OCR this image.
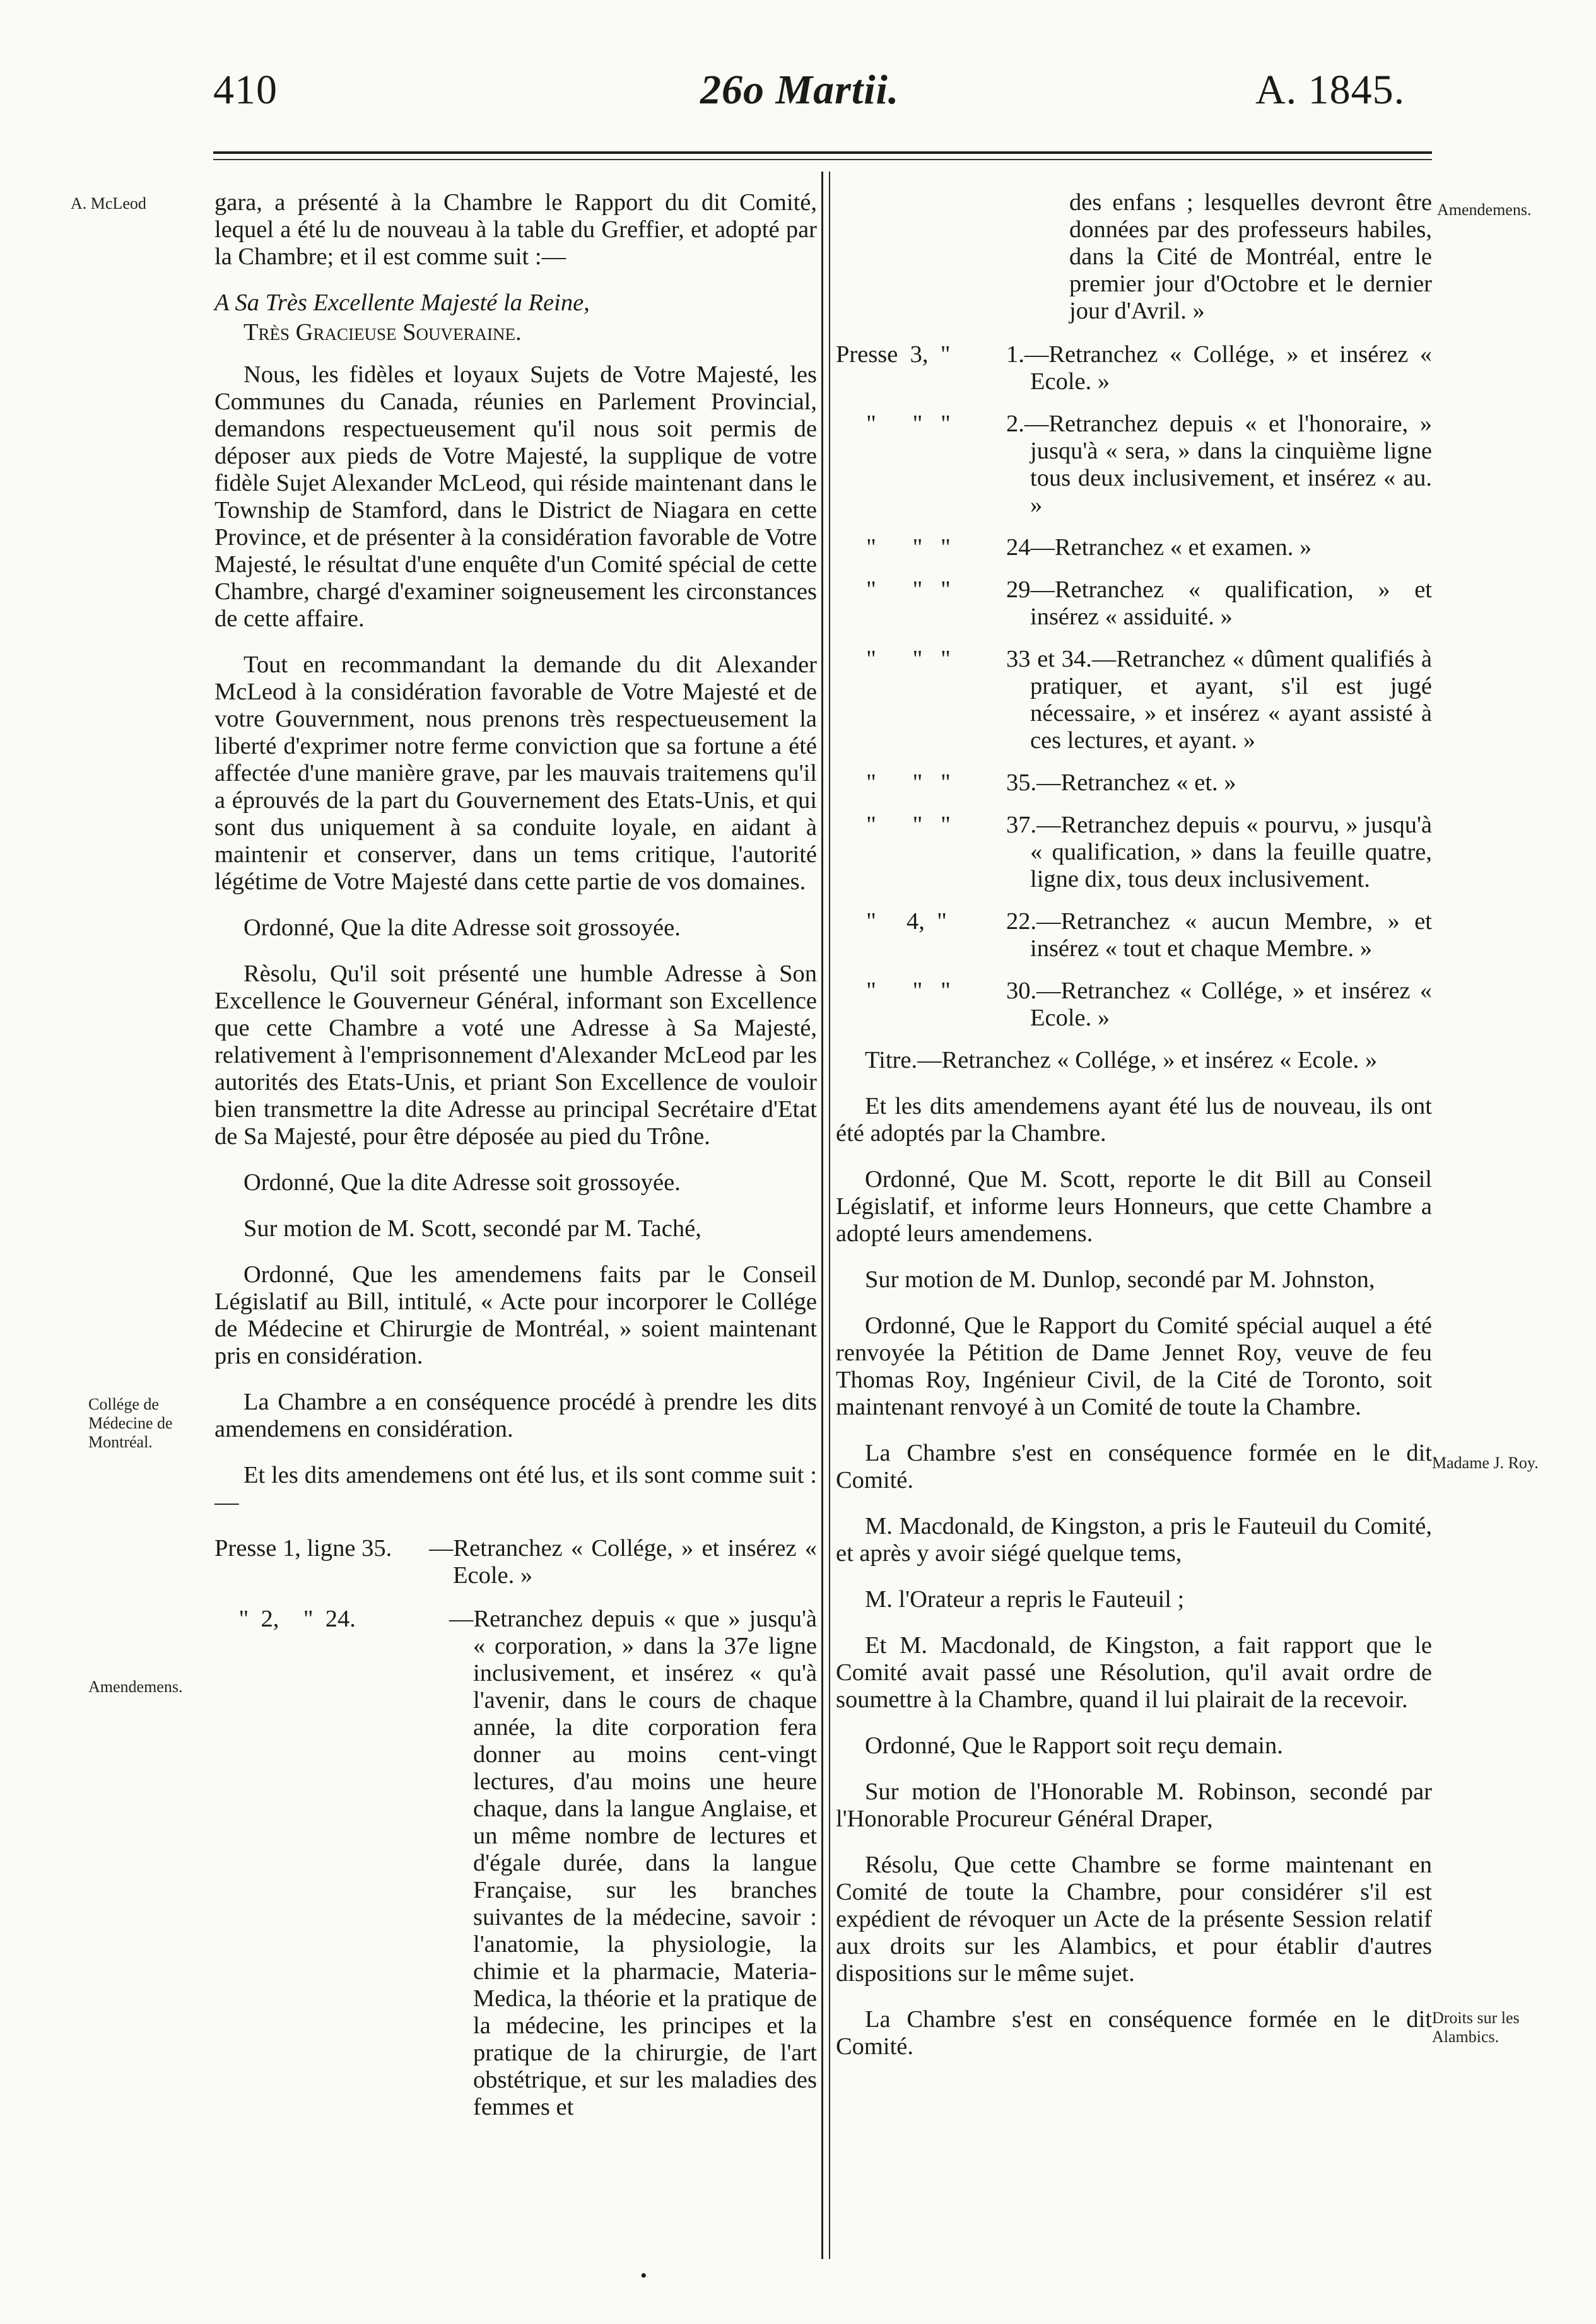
410	26o Martii.	A. 1845.
A. McLeod
Collége de Médecine de Montréal.
Amendemens.
Amendemens.
Madame J. Roy.
Droits sur les Alambics.

gara, a présenté à la Chambre le Rapport du dit Comité, lequel a été lu de nouveau à la table du Greffier, et adopté par la Chambre; et il est comme suit :—

A Sa Très Excellente Majesté la Reine,

Très Gracieuse Souveraine.

Nous, les fidèles et loyaux Sujets de Votre Majesté, les Communes du Canada, réunies en Parlement Provincial, demandons respectueusement qu'il nous soit permis de déposer aux pieds de Votre Majesté, la supplique de votre fidèle Sujet Alexander McLeod, qui réside maintenant dans le Township de Stamford, dans le District de Niagara en cette Province, et de présenter à la considération favorable de Votre Majesté, le résultat d'une enquête d'un Comité spécial de cette Chambre, chargé d'examiner soigneusement les circonstances de cette affaire.

Tout en recommandant la demande du dit Alexander McLeod à la considération favorable de Votre Majesté et de votre Gouvernment, nous prenons très respectueusement la liberté d'exprimer notre ferme conviction que sa fortune a été affectée d'une manière grave, par les mauvais traitemens qu'il a éprouvés de la part du Gouvernement des Etats-Unis, et qui sont dus uniquement à sa conduite loyale, en aidant à maintenir et conserver, dans un tems critique, l'autorité légétime de Votre Majesté dans cette partie de vos domaines.

Ordonné, Que la dite Adresse soit grossoyée.

Rèsolu, Qu'il soit présenté une humble Adresse à Son Excellence le Gouverneur Général, informant son Excellence que cette Chambre a voté une Adresse à Sa Majesté, relativement à l'emprisonnement d'Alexander McLeod par les autorités des Etats-Unis, et priant Son Excellence de vouloir bien transmettre la dite Adresse au principal Secrétaire d'Etat de Sa Majesté, pour être déposée au pied du Trône.

Ordonné, Que la dite Adresse soit grossoyée.

Sur motion de M. Scott, secondé par M. Taché,

Ordonné, Que les amendemens faits par le Conseil Législatif au Bill, intitulé, « Acte pour incorporer le Collége de Médecine et Chirurgie de Montréal, » soient maintenant pris en considération.

La Chambre a en conséquence procédé à prendre les dits amendemens en considération.

Et les dits amendemens ont été lus, et ils sont comme suit :—

Presse 1, ligne 35.	—Retranchez « Collége, » et insérez « Ecole. »
"  2,    "  24.	—Retranchez depuis « que » jusqu'à « corporation, » dans la 37e ligne inclusivement, et insérez « qu'à l'avenir, dans le cours de chaque année, la dite corporation fera donner au moins cent-vingt lectures, d'au moins une heure chaque, dans la langue Anglaise, et un même nombre de lectures et d'égale durée, dans la langue Française, sur les branches suivantes de la médecine, savoir : l'anatomie, la physiologie, la chimie et la pharmacie, Materia-Medica, la théorie et la pratique de la médecine, les principes et la pratique de la chirurgie, de l'art obstétrique, et sur les maladies des femmes et

des enfans ; lesquelles devront être données par des professeurs habiles, dans la Cité de Montréal, entre le premier jour d'Octobre et le dernier jour d'Avril. »

Presse  3,  "	1.—Retranchez « Collége, » et insérez « Ecole. »
"      "   "	2.—Retranchez depuis « et l'honoraire, » jusqu'à « sera, » dans la cinquième ligne tous deux inclusivement, et insérez « au. »
"      "   "	24—Retranchez « et examen. »
"      "   "	29—Retranchez « qualification, » et insérez « assiduité. »
"      "   "	33 et 34.—Retranchez « dûment qualifiés à pratiquer, et ayant, s'il est jugé nécessaire, » et insérez « ayant assisté à ces lectures, et ayant. »
"      "   "	35.—Retranchez « et. »
"      "   "	37.—Retranchez depuis « pourvu, » jusqu'à « qualification, » dans la feuille quatre, ligne dix, tous deux inclusivement.
"     4,  "	22.—Retranchez « aucun Membre, » et insérez « tout et chaque Membre. »
"      "   "	30.—Retranchez « Collége, » et insérez « Ecole. »

Titre.—Retranchez « Collége, » et insérez « Ecole. »

Et les dits amendemens ayant été lus de nouveau, ils ont été adoptés par la Chambre.

Ordonné, Que M. Scott, reporte le dit Bill au Conseil Législatif, et informe leurs Honneurs, que cette Chambre a adopté leurs amendemens.

Sur motion de M. Dunlop, secondé par M. Johnston,

Ordonné, Que le Rapport du Comité spécial auquel a été renvoyée la Pétition de Dame Jennet Roy, veuve de feu Thomas Roy, Ingénieur Civil, de la Cité de Toronto, soit maintenant renvoyé à un Comité de toute la Chambre.

La Chambre s'est en conséquence formée en le dit Comité.

M. Macdonald, de Kingston, a pris le Fauteuil du Comité, et après y avoir siégé quelque tems,

M. l'Orateur a repris le Fauteuil ;

Et M. Macdonald, de Kingston, a fait rapport que le Comité avait passé une Résolution, qu'il avait ordre de soumettre à la Chambre, quand il lui plairait de la recevoir.

Ordonné, Que le Rapport soit reçu demain.

Sur motion de l'Honorable M. Robinson, secondé par l'Honorable Procureur Général Draper,

Résolu, Que cette Chambre se forme maintenant en Comité de toute la Chambre, pour considérer s'il est expédient de révoquer un Acte de la présente Session relatif aux droits sur les Alambics, et pour établir d'autres dispositions sur le même sujet.

La Chambre s'est en conséquence formée en le dit Comité.

•
